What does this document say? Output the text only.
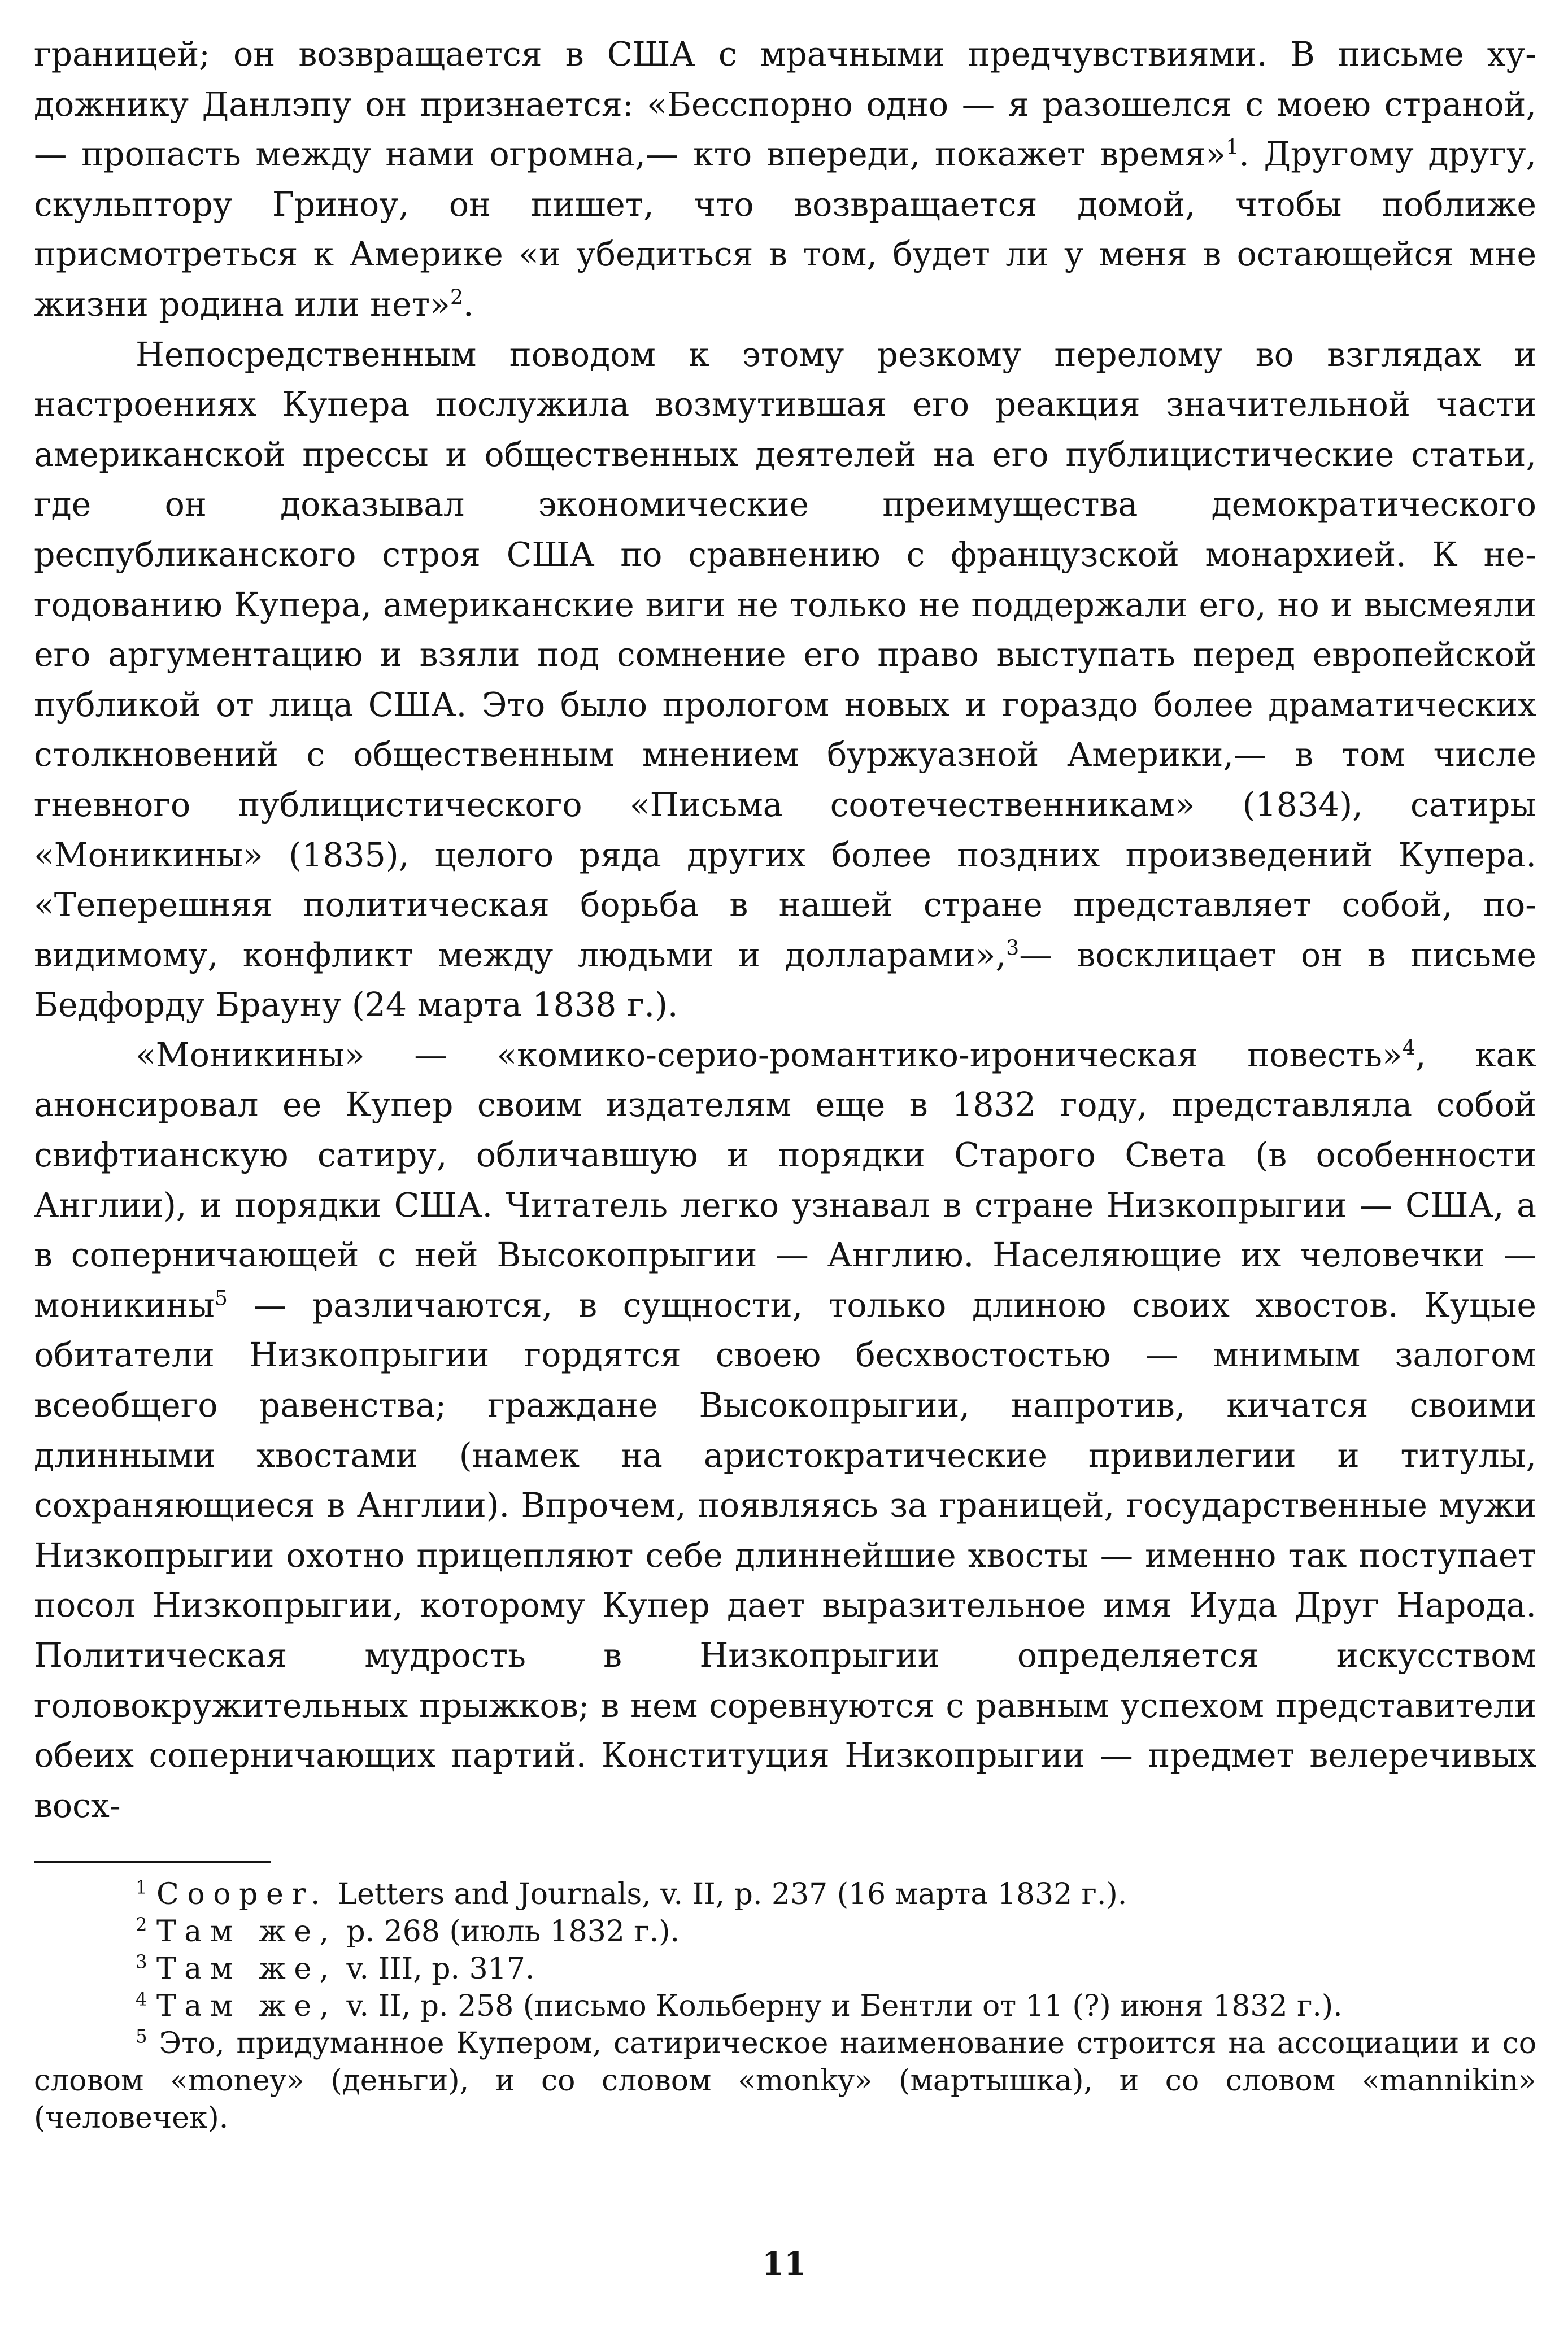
границей; он возвращается в США с мрачными предчувствиями. В письме художнику Данлэпу он признается: «Бесспорно одно — я разошелся с моею страной,— пропасть между нами огромна,— кто впереди, покажет время»$^1$. Другому другу, скульптору Гриноу, он пишет, что возвращается домой, чтобы поближе присмотреться к Америке «и убедиться в том, будет ли у меня в остающейся мне жизни родина или нет»$^2$.

Непосредственным поводом к этому резкому перелому во взглядах и настроениях Купера послужила возмутившая его реакция значительной части американской прессы и общественных деятелей на его публицистические статьи, где он доказывал экономические преимущества демократического республиканского строя США по сравнению с французской монархией. К негодованию Купера, американские виги не только не поддержали его, но и высмеяли его аргументацию и взяли под сомнение его право выступать перед европейской публикой от лица США. Это было прологом новых и гораздо более драматических столкновений с общественным мнением буржуазной Америки,— в том числе гневного публицистического «Письма соотечественникам» (1834), сатиры «Моникины» (1835), целого ряда других более поздних произведений Купера. «Теперешняя политическая борьба в нашей стране представляет собой, по-видимому, конфликт между людьми и долларами»,$^3$— восклицает он в письме Бедфорду Брауну (24 марта 1838 г.).

«Моникины» — «комико-серио-романтико-ироническая повесть»$^4$, как анонсировал ее Купер своим издателям еще в 1832 году, представляла собой свифтианскую сатиру, обличавшую и порядки Старого Света (в особенности Англии), и порядки США. Читатель легко узнавал в стране Низкопрыгии — США, а в соперничающей с ней Высокопрыгии — Англию. Населяющие их человечки — моникины$^5$ — различаются, в сущности, только длиною своих хвостов. Куцые обитатели Низкопрыгии гордятся своею бесхвостостью — мнимым залогом всеобщего равенства; граждане Высокопрыгии, напротив, кичатся своими длинными хвостами (намек на аристократические привилегии и титулы, сохраняющиеся в Англии). Впрочем, появляясь за границей, государственные мужи Низкопрыгии охотно прицепляют себе длиннейшие хвосты — именно так поступает посол Низкопрыгии, которому Купер дает выразительное имя Иуда Друг Народа. Политическая мудрость в Низкопрыгии определяется искусством головокружительных прыжков; в нем соревнуются с равным успехом представители обеих соперничающих партий. Конституция Низкопрыгии — предмет велеречивых восх-

$^1$ Cooper. Letters and Journals, v. II, p. 237 (16 марта 1832 г.).

$^2$ Там же, p. 268 (июль 1832 г.).

$^3$ Там же, v. III, p. 317.

$^4$ Там же, v. II, p. 258 (письмо Кольберну и Бентли от 11 (?) июня 1832 г.).

$^5$ Это, придуманное Купером, сатирическое наименование строится на ассоциации и со словом «money» (деньги), и со словом «monky» (мартышка), и со словом «mannikin» (человечек).

11
